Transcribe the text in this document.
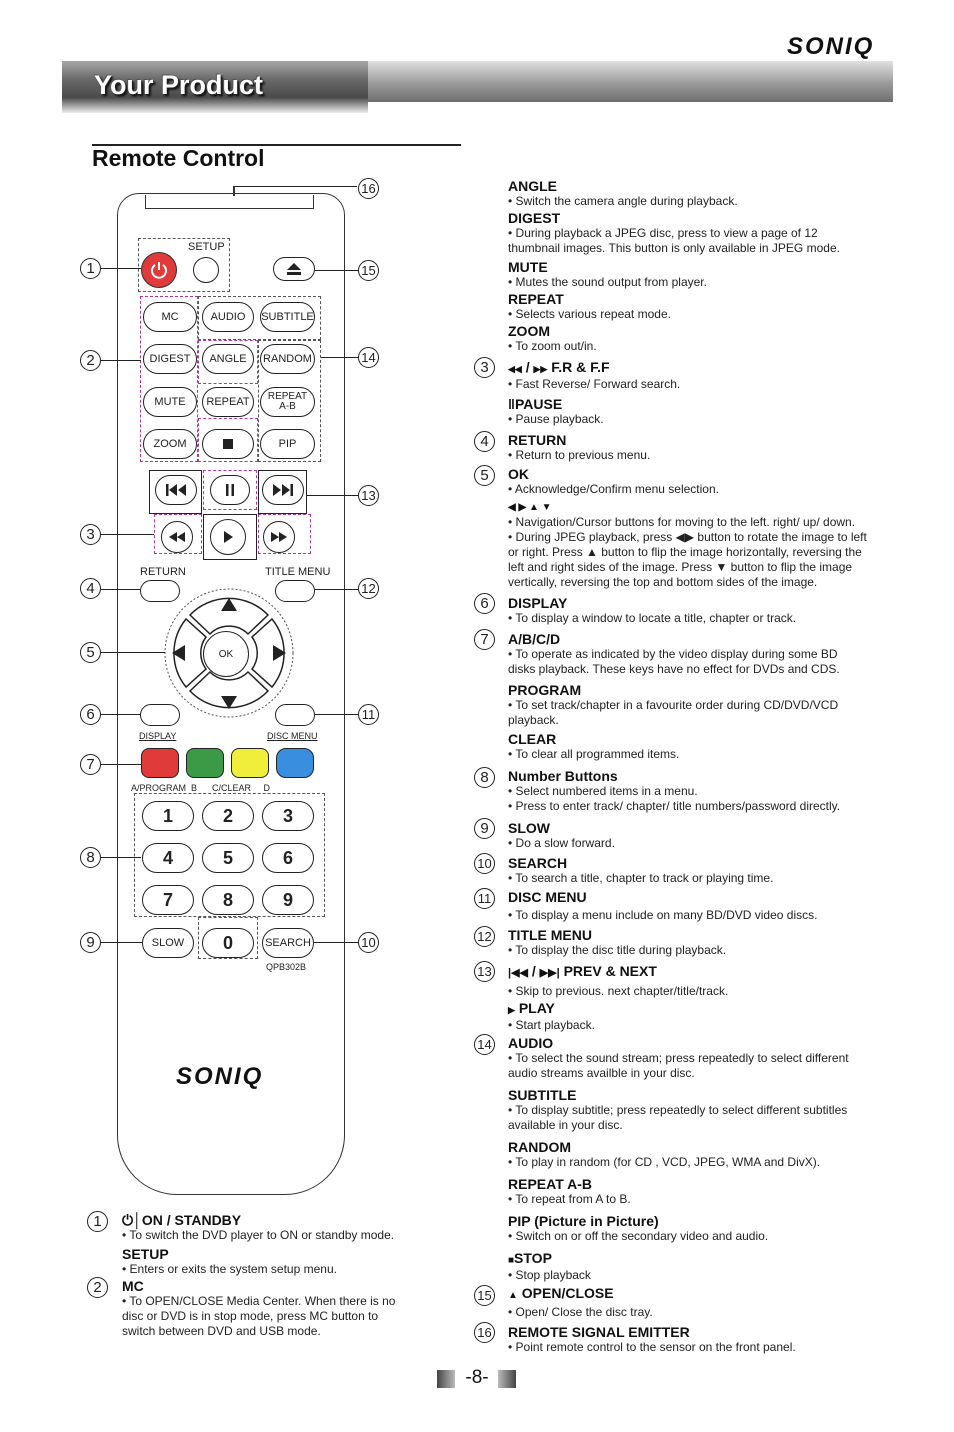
SONIQ
Your Product
Remote Control
SETUP
MC	AUDIO SUBTITLE
DIGEST ANGLE RANDOM
MUTE REPEAT REPEAT
A-B
ZOOM	PIP
RETURN	TITLE MENU
OK
DISPLAY	DISC MENU
A/PROGRAM  B      C/CLEAR     D
1	2	3
4	5	6
7	8	9
SLOW 0	SEARCH
QPB302B
SONIQ
1
2
3
4
5
6
7
8
9
16
15
14
13
12
11
10
1	⏻│ON / STANDBY
• To switch the DVD player to ON or standby mode.
SETUP
• Enters or exits the system setup menu.
2	MC
• To OPEN/CLOSE Media Center. When there is no
disc or DVD is in stop mode, press MC button to
switch between DVD and USB mode.
ANGLE
• Switch the camera angle during playback.
DIGEST
• During playback a JPEG disc, press to view a page of 12
thumbnail images. This button is only available in JPEG mode.
MUTE
• Mutes the sound output from player.
REPEAT
• Selects various repeat mode.
ZOOM
• To zoom out/in.
3	◀◀ / ▶▶ F.R & F.F
• Fast Reverse/ Forward search.
‖PAUSE
• Pause playback.
4	RETURN
• Return to previous menu.
5	OK
• Acknowledge/Confirm menu selection.
◀ ▶ ▲ ▼
• Navigation/Cursor buttons for moving to the left. right/ up/ down.
• During JPEG playback, press ◀▶ button to rotate the image to left
or right. Press ▲ button to flip the image horizontally, reversing the
left and right sides of the image. Press ▼ button to flip the image
vertically, reversing the top and bottom sides of the image.
6	DISPLAY
• To display a window to locate a title, chapter or track.
7	A/B/C/D
• To operate as indicated by the video display during some BD
disks playback. These keys have no effect for DVDs and CDS.
PROGRAM
• To set track/chapter in a favourite order during CD/DVD/VCD
playback.
CLEAR
• To clear all programmed items.
8	Number Buttons
• Select numbered items in a menu.
• Press to enter track/ chapter/ title numbers/password directly.
9	SLOW
• Do a slow forward.
10 SEARCH
• To search a title, chapter to track or playing time.
11 DISC MENU
• To display a menu include on many BD/DVD video discs.
12 TITLE MENU
• To display the disc title during playback.
13 |◀◀ / ▶▶| PREV & NEXT
• Skip to previous. next chapter/title/track.
▶ PLAY
• Start playback.
14 AUDIO
• To select the sound stream; press repeatedly to select different
audio streams availble in your disc.
SUBTITLE
• To display subtitle; press repeatedly to select different subtitles
available in your disc.
RANDOM
• To play in random (for CD , VCD, JPEG, WMA and DivX).
REPEAT A-B
• To repeat from A to B.
PIP (Picture in Picture)
• Switch on or off the secondary video and audio.
■STOP
• Stop playback
15	▲ OPEN/CLOSE
• Open/ Close the disc tray.
16 REMOTE SIGNAL EMITTER
• Point remote control to the sensor on the front panel.
-8-
